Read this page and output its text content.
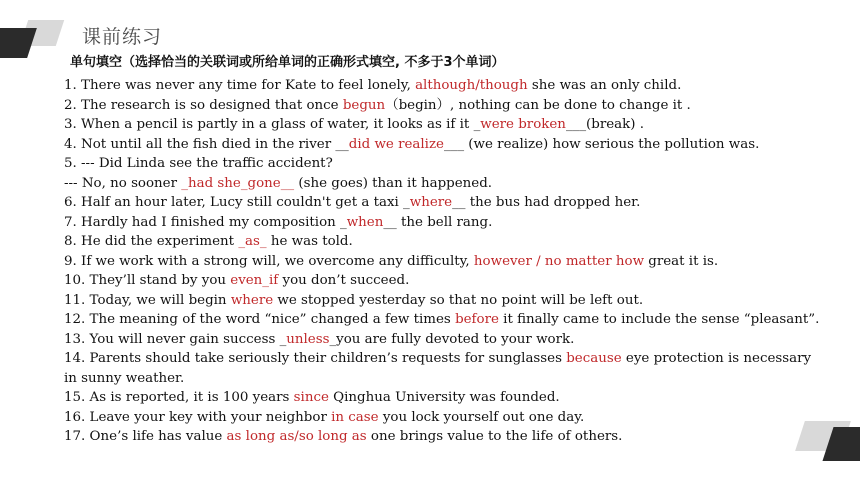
课前练习

单句填空（选择恰当的关联词或所给单词的正确形式填空, 不多于3个单词）

1. There was never any time for Kate to feel lonely, although/though she was an only child.
2. The research is so designed that once begun（begin）, nothing can be done to change it .
3. When a pencil is partly in a glass of water, it looks as if it _were broken___(break) .
4. Not until all the fish died in the river __did we realize___ (we realize) how serious the pollution was.
5. --- Did Linda see the traffic accident?
--- No, no sooner _had she_gone__ (she goes) than it happened.
6. Half an hour later, Lucy still couldn't get a taxi _where__ the bus had dropped her.
7. Hardly had I finished my composition _when__ the bell rang.
8. He did the experiment _as_ he was told.
9. If we work with a strong will, we overcome any difficulty, however / no matter how great it is.
10. They’ll stand by you even_if you don’t succeed.
11. Today, we will begin where we stopped yesterday so that no point will be left out.
12. The meaning of the word “nice” changed a few times before it finally came to include the sense “pleasant”.
13. You will never gain success _unless_you are fully devoted to your work.
14. Parents should take seriously their children’s requests for sunglasses because eye protection is necessary
in sunny weather.
15. As is reported, it is 100 years since Qinghua University was founded.
16. Leave your key with your neighbor in case you lock yourself out one day.
17. One’s life has value as long as/so long as one brings value to the life of others.
